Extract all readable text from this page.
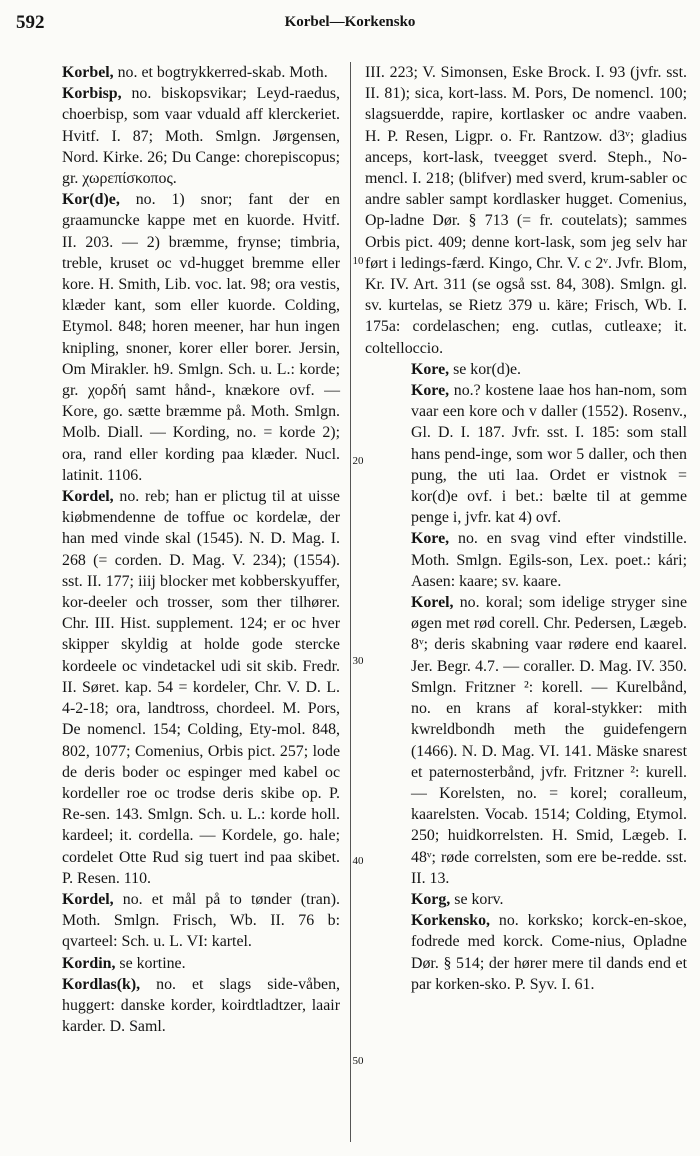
592	Korbel—Korkensko
10
20
30
40
50

Korbel, no. et bogtrykkerred-skab. Moth.

Korbisp, no. biskopsvikar; Leyd-raedus, choerbisp, som vaar vduald aff klerckeriet. Hvitf. I. 87; Moth. Smlgn. Jørgensen, Nord. Kirke. 26; Du Cange: chorepiscopus; gr. χωρεπίσκοπος.

Kor(d)e, no. 1) snor; fant der en graamuncke kappe met en kuorde. Hvitf. II. 203. — 2) bræmme, frynse; timbria, treble, kruset oc vd-hugget bremme eller kore. H. Smith, Lib. voc. lat. 98; ora vestis, klæder kant, som eller kuorde. Colding, Etymol. 848; horen meener, har hun ingen knipling, snoner, korer eller borer. Jersin, Om Mirakler. h9. Smlgn. Sch. u. L.: korde; gr. χορδή samt hånd-, knækore ovf. — Kore, go. sætte bræmme på. Moth. Smlgn. Molb. Diall. — Kording, no. = korde 2); ora, rand eller kording paa klæder. Nucl. latinit. 1106.

Kordel, no. reb; han er plictug til at uisse kiøbmendenne de toffue oc kordelæ, der han med vinde skal (1545). N. D. Mag. I. 268 (= corden. D. Mag. V. 234); (1554). sst. II. 177; iiij blocker met kobberskyuffer, kor-deeler och trosser, som ther tilhører. Chr. III. Hist. supplement. 124; er oc hver skipper skyldig at holde gode stercke kordeele oc vindetackel udi sit skib. Fredr. II. Søret. kap. 54 = kordeler, Chr. V. D. L. 4-2-18; ora, landtross, chordeel. M. Pors, De nomencl. 154; Colding, Ety-mol. 848, 802, 1077; Comenius, Orbis pict. 257; lode de deris boder oc espinger med kabel oc kordeller roe oc trodse deris skibe op. P. Re-sen. 143. Smlgn. Sch. u. L.: korde holl. kardeel; it. cordella. — Kordele, go. hale; cordelet Otte Rud sig tuert ind paa skibet. P. Resen. 110.

Kordel, no. et mål på to tønder (tran). Moth. Smlgn. Frisch, Wb. II. 76 b: qvarteel: Sch. u. L. VI: kartel.

Kordin, se kortine.

Kordlas(k), no. et slags side-våben, huggert: danske korder, koirdtladtzer, laair karder. D. Saml.

III. 223; V. Simonsen, Eske Brock. I. 93 (jvfr. sst. II. 81); sica, kort-lass. M. Pors, De nomencl. 100; slagsuerdde, rapire, kortlasker oc andre vaaben. H. P. Resen, Ligpr. o. Fr. Rantzow. d3ᵛ; gladius anceps, kort-lask, tveegget sverd. Steph., No-mencl. I. 218; (blifver) med sverd, krum-sabler oc andre sabler sampt kordlasker hugget. Comenius, Op-ladne Dør. § 713 (= fr. coutelats); sammes Orbis pict. 409; denne kort-lask, som jeg selv har ført i ledings-færd. Kingo, Chr. V. c 2ᵛ. Jvfr. Blom, Kr. IV. Art. 311 (se også sst. 84, 308). Smlgn. gl. sv. kurtelas, se Rietz 379 u. käre; Frisch, Wb. I. 175a: cordelaschen; eng. cutlas, cutleaxe; it. coltelloccio.

Kore, se kor(d)e.

Kore, no.? kostene laae hos han-nom, som vaar een kore och v daller (1552). Rosenv., Gl. D. I. 187. Jvfr. sst. I. 185: som stall hans pend-inge, som wor 5 daller, och then pung, the uti laa. Ordet er vistnok = kor(d)e ovf. i bet.: bælte til at gemme penge i, jvfr. kat 4) ovf.

Kore, no. en svag vind efter vindstille. Moth. Smlgn. Egils-son, Lex. poet.: kári; Aasen: kaare; sv. kaare.

Korel, no. koral; som idelige stryger sine øgen met rød corell. Chr. Pedersen, Lægeb. 8ᵛ; deris skabning vaar rødere end kaarel. Jer. Begr. 4.7. — coraller. D. Mag. IV. 350. Smlgn. Fritzner ²: korell. — Kurelbånd, no. en krans af koral-stykker: mith kwreldbondh meth the guidefengern (1466). N. D. Mag. VI. 141. Mäske snarest et paternosterbånd, jvfr. Fritzner ²: kurell. — Korelsten, no. = korel; coralleum, kaarelsten. Vocab. 1514; Colding, Etymol. 250; huidkorrelsten. H. Smid, Lægeb. I. 48ᵛ; røde correlsten, som ere be-redde. sst. II. 13.

Korg, se korv.

Korkensko, no. korksko; korck-en-skoe, fodrede med korck. Come-nius, Opladne Dør. § 514; der hører mere til dands end et par korken-sko. P. Syv. I. 61.
